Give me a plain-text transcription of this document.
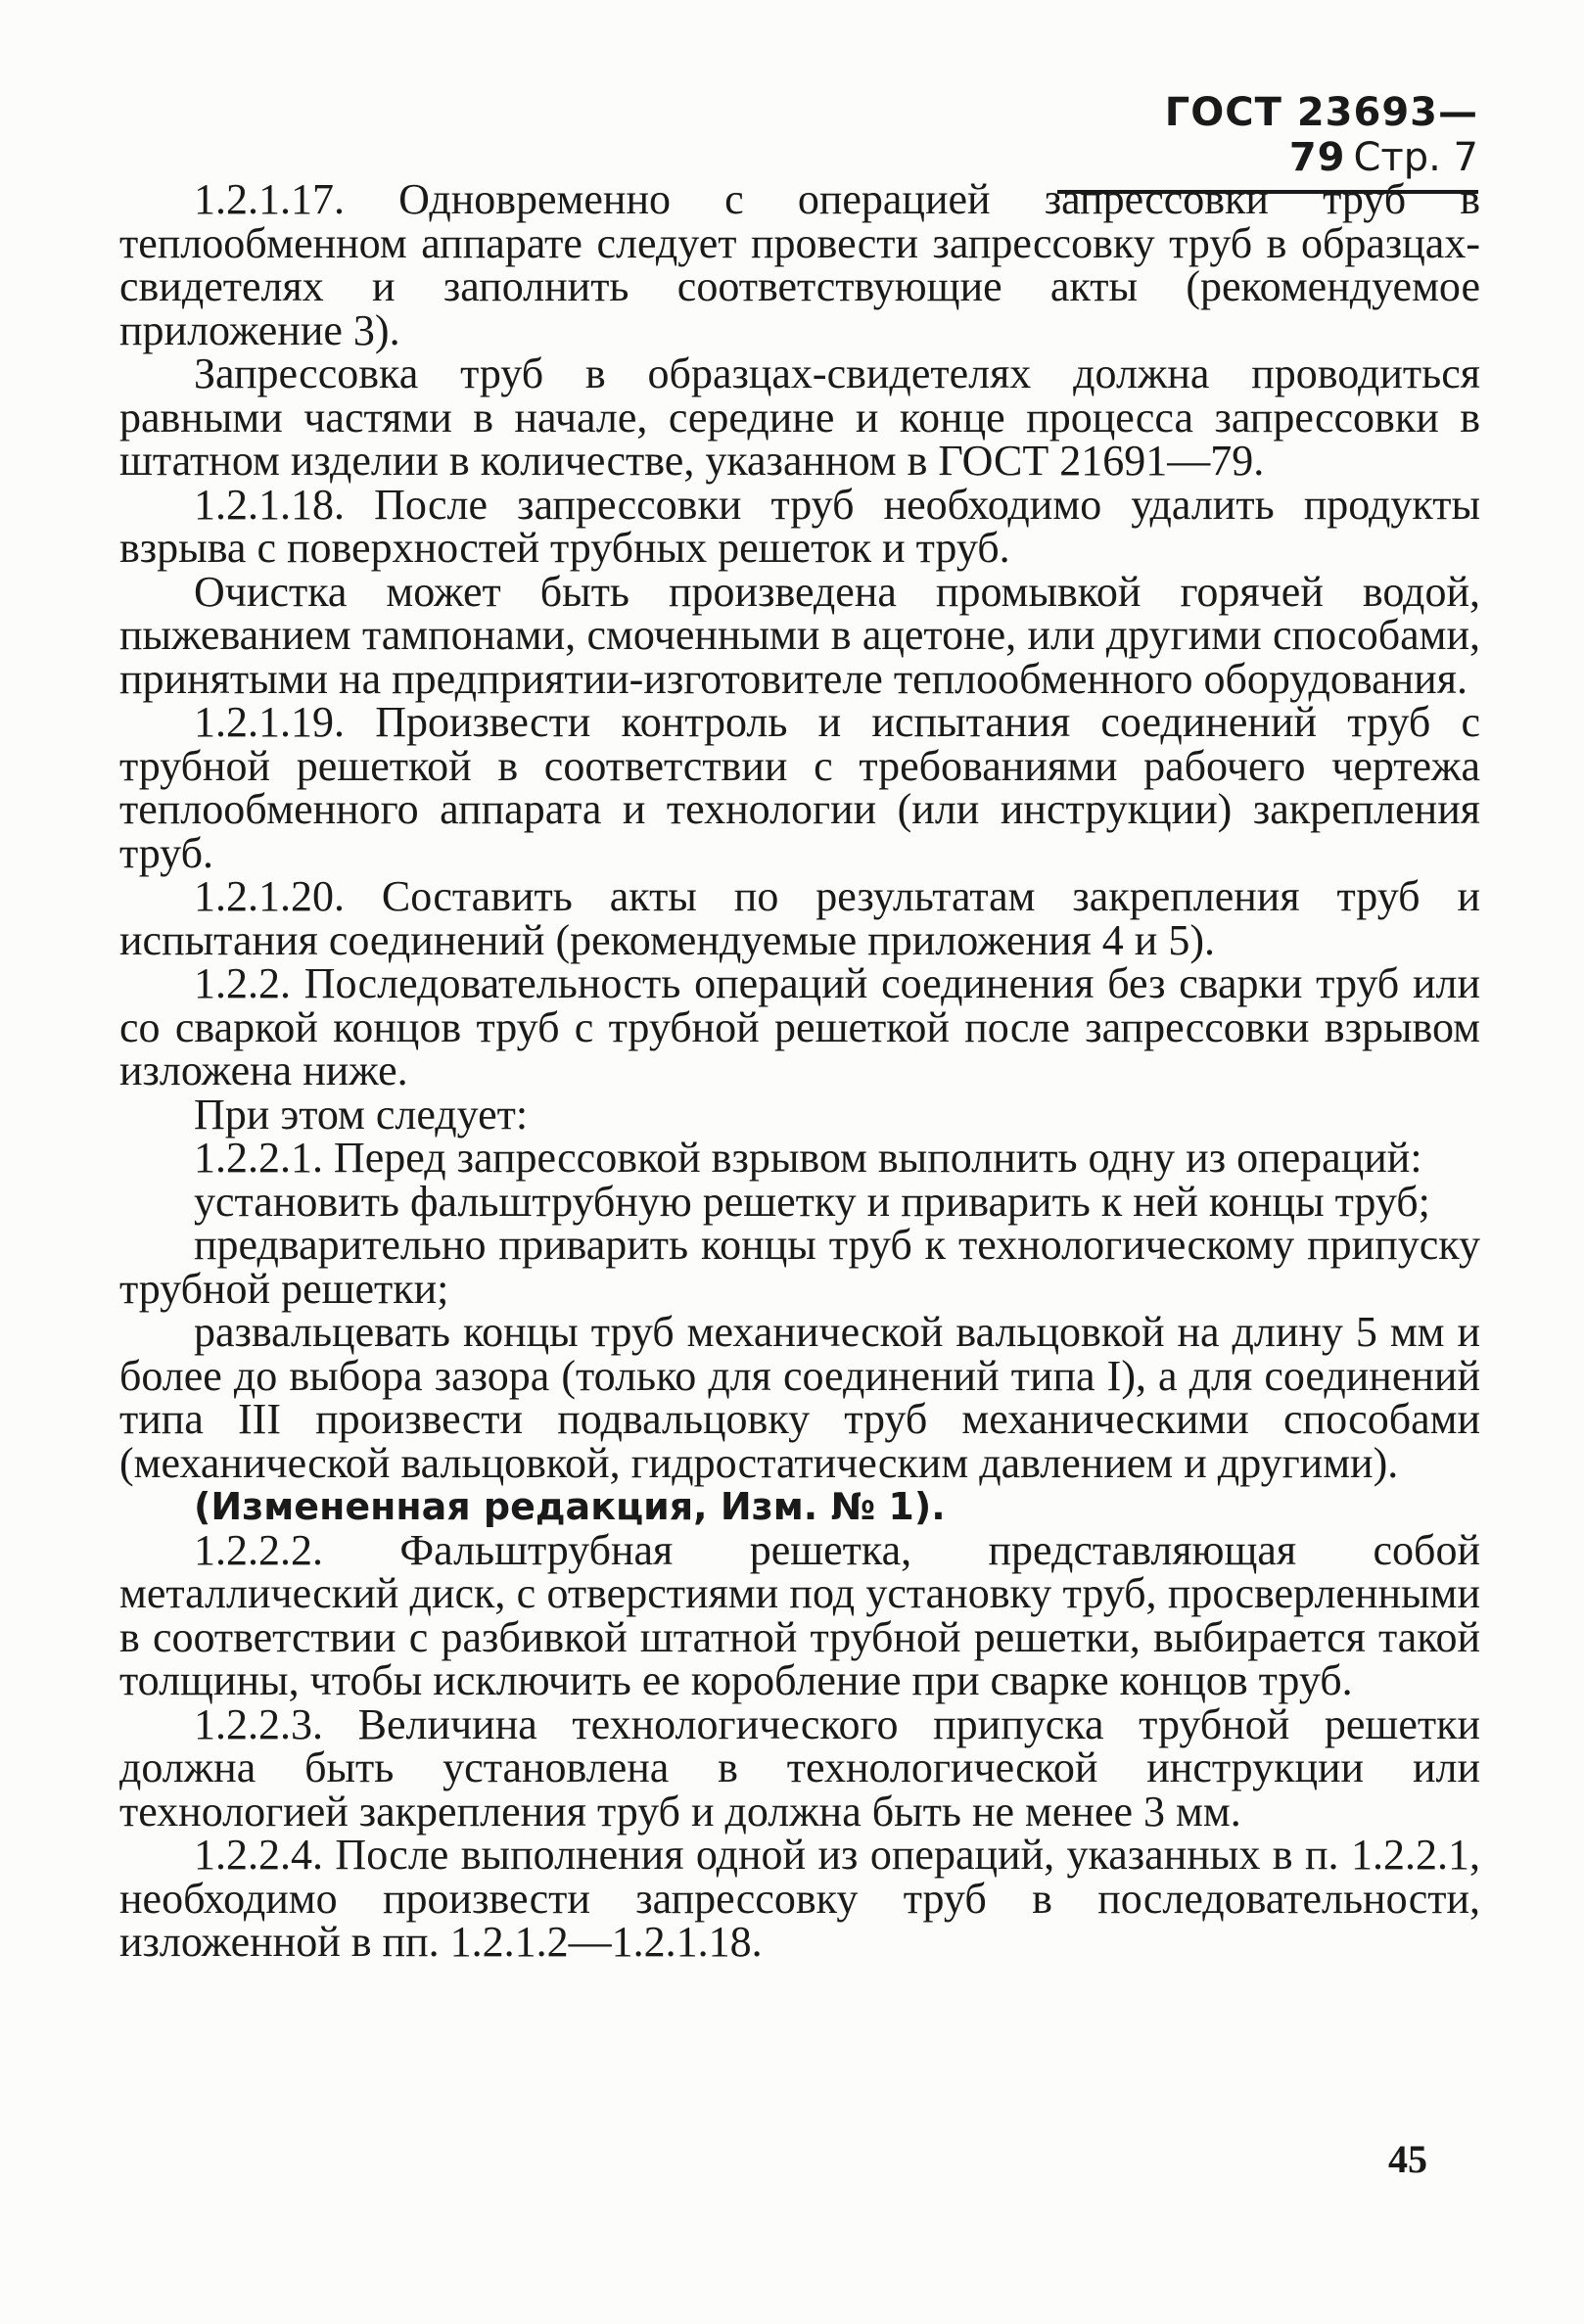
ГОСТ 23693—79 Стр. 7

1.2.1.17. Одновременно с операцией запрессовки труб в теплообменном аппарате следует провести запрессовку труб в образцах-свидетелях и заполнить соответствующие акты (рекомендуемое приложение 3).

Запрессовка труб в образцах-свидетелях должна проводиться равными частями в начале, середине и конце процесса запрессовки в штатном изделии в количестве, указанном в ГОСТ 21691—79.

1.2.1.18. После запрессовки труб необходимо удалить продукты взрыва с поверхностей трубных решеток и труб.

Очистка может быть произведена промывкой горячей водой, пыжеванием тампонами, смоченными в ацетоне, или другими способами, принятыми на предприятии-изготовителе теплообменного оборудования.

1.2.1.19. Произвести контроль и испытания соединений труб с трубной решеткой в соответствии с требованиями рабочего чертежа теплообменного аппарата и технологии (или инструкции) закрепления труб.

1.2.1.20. Составить акты по результатам закрепления труб и испытания соединений (рекомендуемые приложения 4 и 5).

1.2.2. Последовательность операций соединения без сварки труб или со сваркой концов труб с трубной решеткой после запрессовки взрывом изложена ниже.

При этом следует:

1.2.2.1. Перед запрессовкой взрывом выполнить одну из операций:

установить фальштрубную решетку и приварить к ней концы труб;

предварительно приварить концы труб к технологическому припуску трубной решетки;

развальцевать концы труб механической вальцовкой на длину 5 мм и более до выбора зазора (только для соединений типа I), а для соединений типа III произвести подвальцовку труб механическими способами (механической вальцовкой, гидростатическим давлением и другими).

(Измененная редакция, Изм. № 1).

1.2.2.2. Фальштрубная решетка, представляющая собой металлический диск, с отверстиями под установку труб, просверленными в соответствии с разбивкой штатной трубной решетки, выбирается такой толщины, чтобы исключить ее коробление при сварке концов труб.

1.2.2.3. Величина технологического припуска трубной решетки должна быть установлена в технологической инструкции или технологией закрепления труб и должна быть не менее 3 мм.

1.2.2.4. После выполнения одной из операций, указанных в п. 1.2.2.1, необходимо произвести запрессовку труб в последовательности, изложенной в пп. 1.2.1.2—1.2.1.18.

45
